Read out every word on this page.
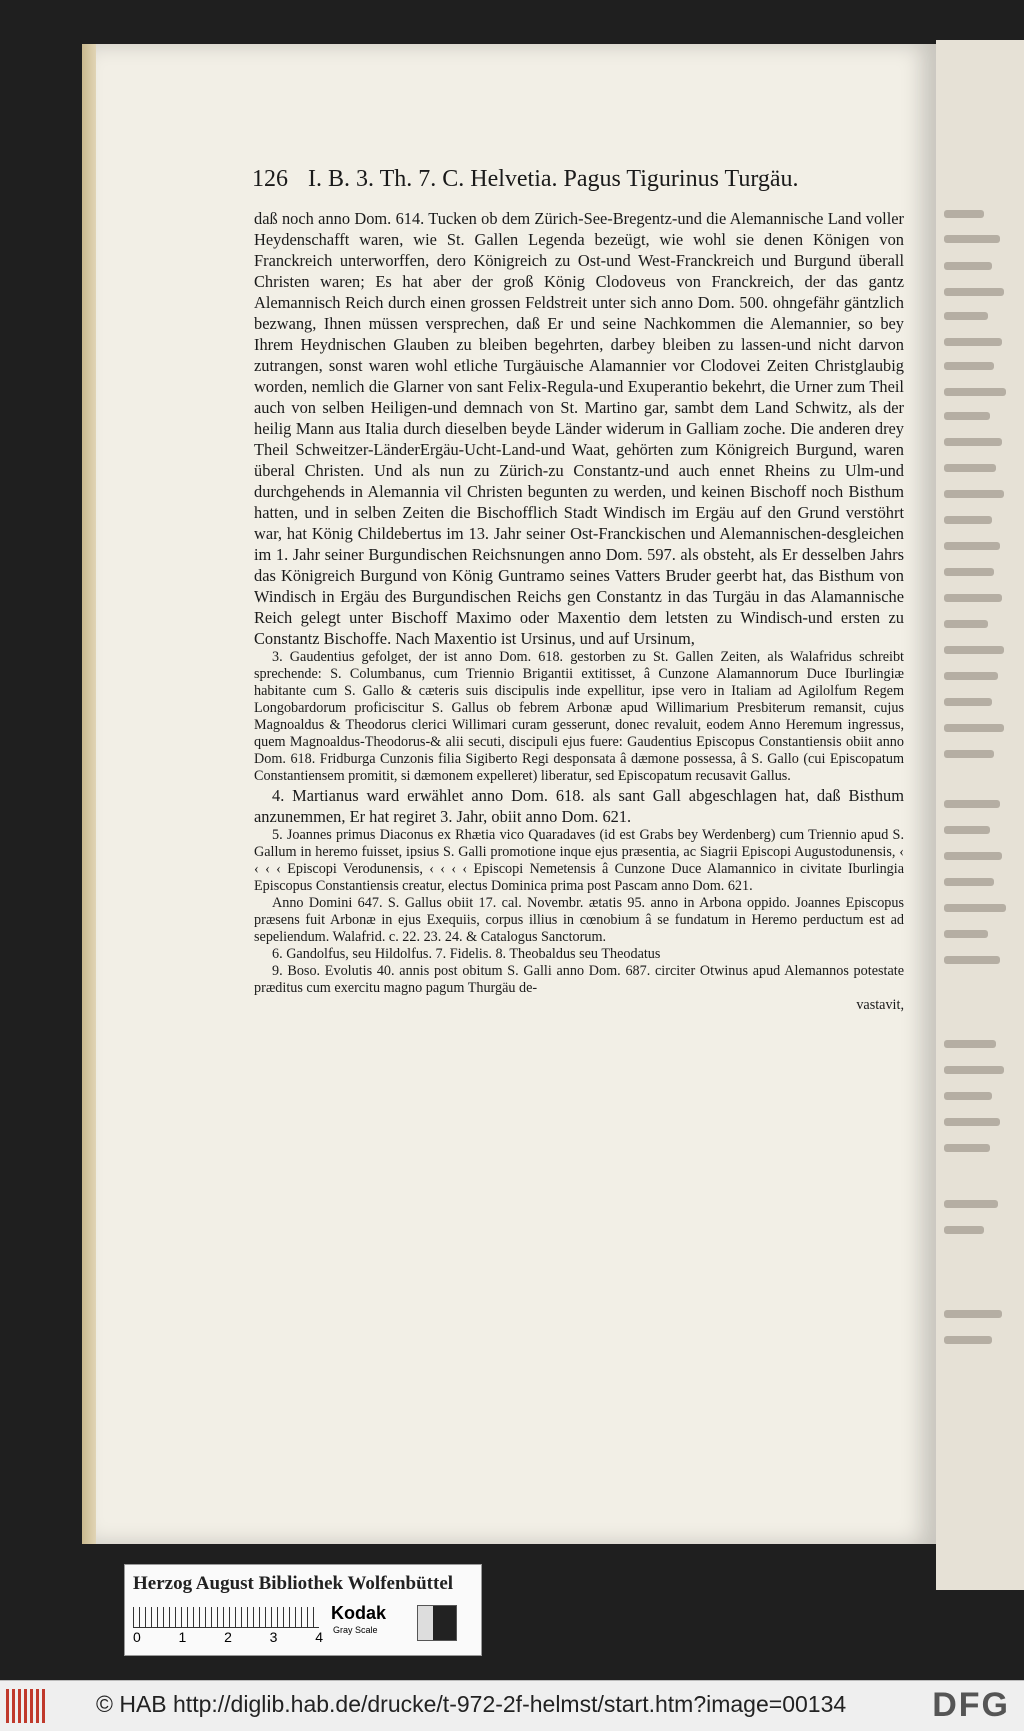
126 I. B. 3. Th. 7. C. Helvetia. Pagus Tigurinus Turgäu.

daß noch anno Dom. 614. Tucken ob dem Zürich-See-Bregentz-und die Alemannische Land voller Heydenschafft waren, wie St. Gallen Legenda bezeügt, wie wohl sie denen Königen von Franckreich unterworffen, dero Königreich zu Ost-und West-Franckreich und Burgund überall Christen waren; Es hat aber der groß König Clodoveus von Franckreich, der das gantz Alemannisch Reich durch einen grossen Feldstreit unter sich anno Dom. 500. ohngefähr gäntzlich bezwang, Ihnen müssen versprechen, daß Er und seine Nachkommen die Alemannier, so bey Ihrem Heydnischen Glauben zu bleiben begehrten, darbey bleiben zu lassen-und nicht darvon zutrangen, sonst waren wohl etliche Turgäuische Alamannier vor Clodovei Zeiten Christglaubig worden, nemlich die Glarner von sant Felix-Regula-und Exuperantio bekehrt, die Urner zum Theil auch von selben Heiligen-und demnach von St. Martino gar, sambt dem Land Schwitz, als der heilig Mann aus Italia durch dieselben beyde Länder widerum in Galliam zoche. Die anderen drey Theil Schweitzer-LänderErgäu-Ucht-Land-und Waat, gehörten zum Königreich Burgund, waren überal Christen. Und als nun zu Zürich-zu Constantz-und auch ennet Rheins zu Ulm-und durchgehends in Alemannia vil Christen begunten zu werden, und keinen Bischoff noch Bisthum hatten, und in selben Zeiten die Bischofflich Stadt Windisch im Ergäu auf den Grund verstöhrt war, hat König Childebertus im 13. Jahr seiner Ost-Franckischen und Alemannischen-desgleichen im 1. Jahr seiner Burgundischen Reichsnungen anno Dom. 597. als obsteht, als Er desselben Jahrs das Königreich Burgund von König Guntramo seines Vatters Bruder geerbt hat, das Bisthum von Windisch in Ergäu des Burgundischen Reichs gen Constantz in das Turgäu in das Alamannische Reich gelegt unter Bischoff Maximo oder Maxentio dem letsten zu Windisch-und ersten zu Constantz Bischoffe. Nach Maxentio ist Ursinus, und auf Ursinum,

3. Gaudentius gefolget, der ist anno Dom. 618. gestorben zu St. Gallen Zeiten, als Walafridus schreibt sprechende: S. Columbanus, cum Triennio Brigantii extitisset, â Cunzone Alamannorum Duce Iburlingiæ habitante cum S. Gallo & cæteris suis discipulis inde expellitur, ipse vero in Italiam ad Agilolfum Regem Longobardorum proficiscitur S. Gallus ob febrem Arbonæ apud Willimarium Presbiterum remansit, cujus Magnoaldus & Theodorus clerici Willimari curam gesserunt, donec revaluit, eodem Anno Heremum ingressus, quem Magnoaldus-Theodorus-& alii secuti, discipuli ejus fuere: Gaudentius Episcopus Constantiensis obiit anno Dom. 618. Fridburga Cunzonis filia Sigiberto Regi desponsata â dæmone possessa, â S. Gallo (cui Episcopatum Constantiensem promitit, si dæmonem expelleret) liberatur, sed Episcopatum recusavit Gallus.

4. Martianus ward erwählet anno Dom. 618. als sant Gall abgeschlagen hat, daß Bisthum anzunemmen, Er hat regiret 3. Jahr, obiit anno Dom. 621.

5. Joannes primus Diaconus ex Rhætia vico Quaradaves (id est Grabs bey Werdenberg) cum Triennio apud S. Gallum in heremo fuisset, ipsius S. Galli promotione inque ejus præsentia, ac Siagrii Episcopi Augustodunensis, ‹ ‹ ‹ ‹ Episcopi Verodunensis, ‹ ‹ ‹ ‹ Episcopi Nemetensis â Cunzone Duce Alamannico in civitate Iburlingia Episcopus Constantiensis creatur, electus Dominica prima post Pascam anno Dom. 621.

Anno Domini 647. S. Gallus obiit 17. cal. Novembr. ætatis 95. anno in Arbona oppido. Joannes Episcopus præsens fuit Arbonæ in ejus Exequiis, corpus illius in cœnobium â se fundatum in Heremo perductum est ad sepeliendum. Walafrid. c. 22. 23. 24. & Catalogus Sanctorum.

6. Gandolfus, seu Hildolfus. 7. Fidelis. 8. Theobaldus seu Theodatus

9. Boso. Evolutis 40. annis post obitum S. Galli anno Dom. 687. circiter Otwinus apud Alemannos potestate præditus cum exercitu magno pagum Thurgäu de-

vastavit,

Herzog August Bibliothek Wolfenbüttel
0	1	2	3	4
Kodak
Gray Scale
© HAB http://diglib.hab.de/drucke/t-972-2f-helmst/start.htm?image=00134	DFG
